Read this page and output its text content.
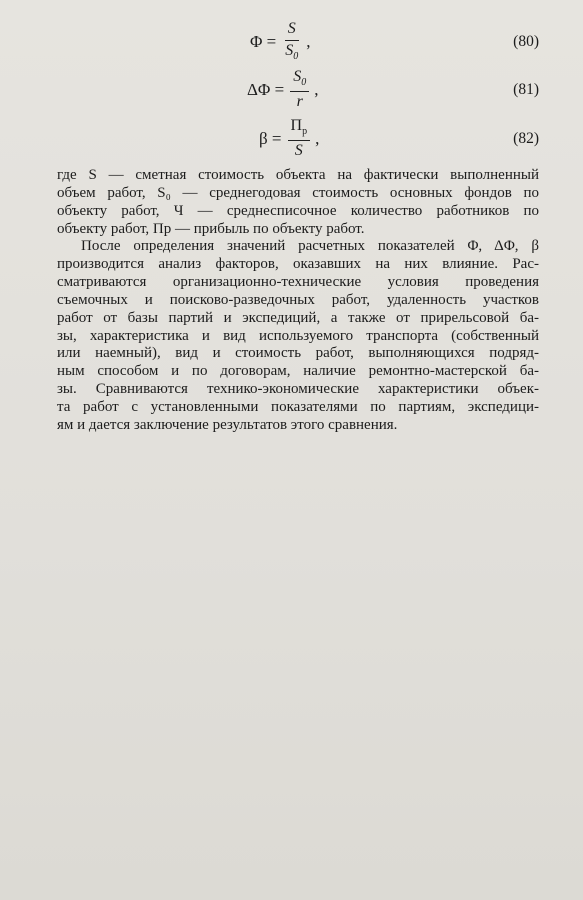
$\Phi = \frac{S}{S_0}$ ,	(80)
$\Delta\Phi = \frac{S_0}{r}$ ,	(81)
$\beta = \frac{П_р}{S}$ ,	(82)
где S — сметная стоимость объекта на фактически выполненный
объем работ, S₀ — среднегодовая стоимость основных фондов по
объекту работ, Ч — среднесписочное количество работников по
объекту работ, Пр — прибыль по объекту работ.
После определения значений расчетных показателей Φ, ΔΦ, β
производится анализ факторов, оказавших на них влияние. Рас-
сматриваются организационно-технические условия проведения
съемочных и поисково-разведочных работ, удаленность участков
работ от базы партий и экспедиций, а также от прирельсовой ба-
зы, характеристика и вид используемого транспорта (собственный
или наемный), вид и стоимость работ, выполняющихся подряд-
ным способом и по договорам, наличие ремонтно-мастерской ба-
зы. Сравниваются технико-экономические характеристики объек-
та работ с установленными показателями по партиям, экспедици-
ям и дается заключение результатов этого сравнения.
